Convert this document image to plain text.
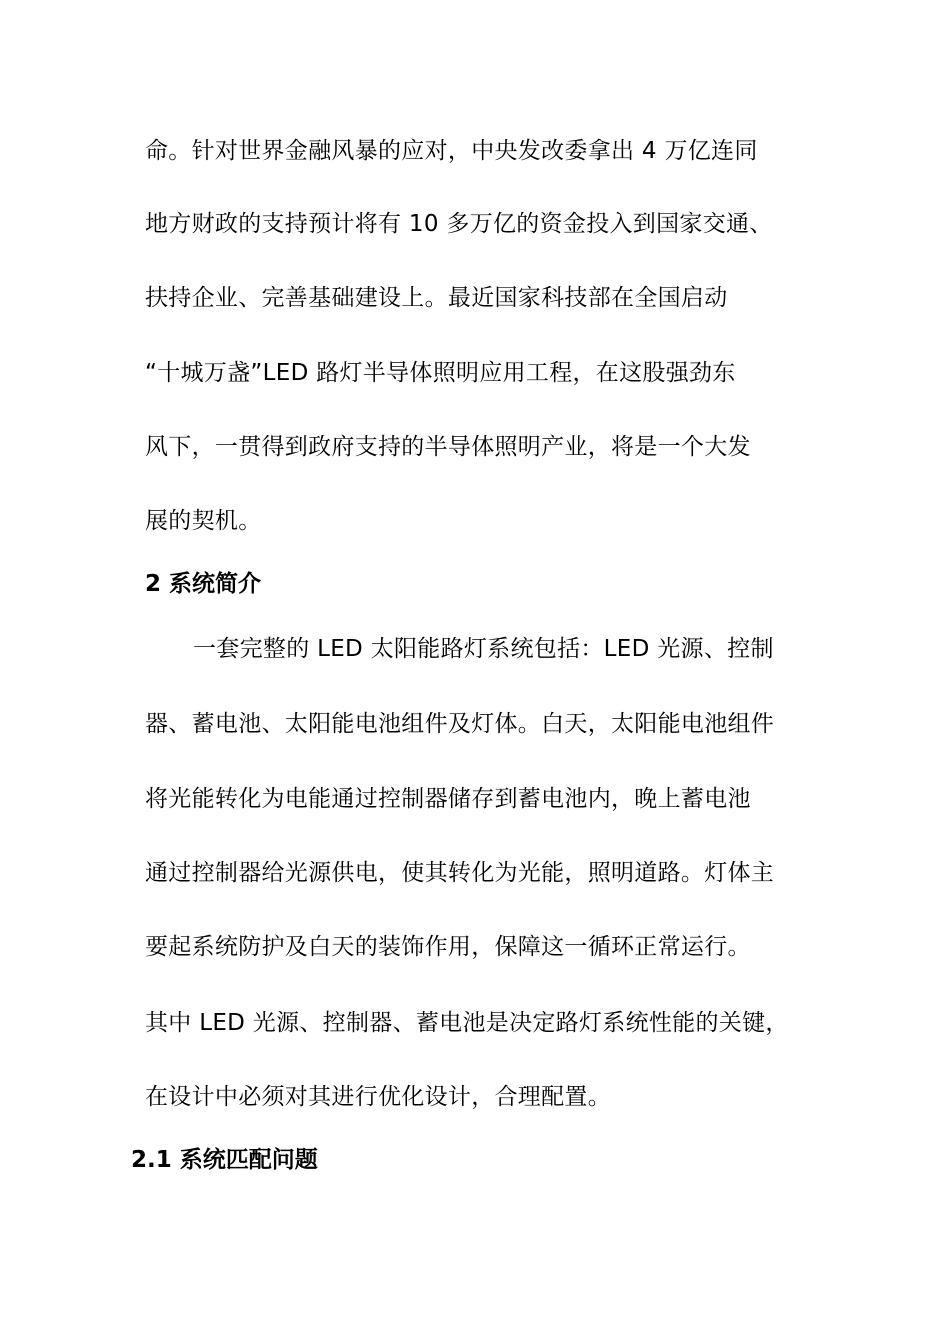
命。针对世界金融风暴的应对，中央发改委拿出 4 万亿连同
地方财政的支持预计将有 10 多万亿的资金投入到国家交通、
扶持企业、完善基础建设上。最近国家科技部在全国启动
“十城万盏”LED 路灯半导体照明应用工程，在这股强劲东
风下，一贯得到政府支持的半导体照明产业，将是一个大发
展的契机。
2 系统简介
一套完整的 LED 太阳能路灯系统包括：LED 光源、控制
器、蓄电池、太阳能电池组件及灯体。白天，太阳能电池组件
将光能转化为电能通过控制器储存到蓄电池内，晚上蓄电池
通过控制器给光源供电，使其转化为光能，照明道路。灯体主
要起系统防护及白天的装饰作用，保障这一循环正常运行。
其中 LED 光源、控制器、蓄电池是决定路灯系统性能的关键，
在设计中必须对其进行优化设计，合理配置。
2.1 系统匹配问题
